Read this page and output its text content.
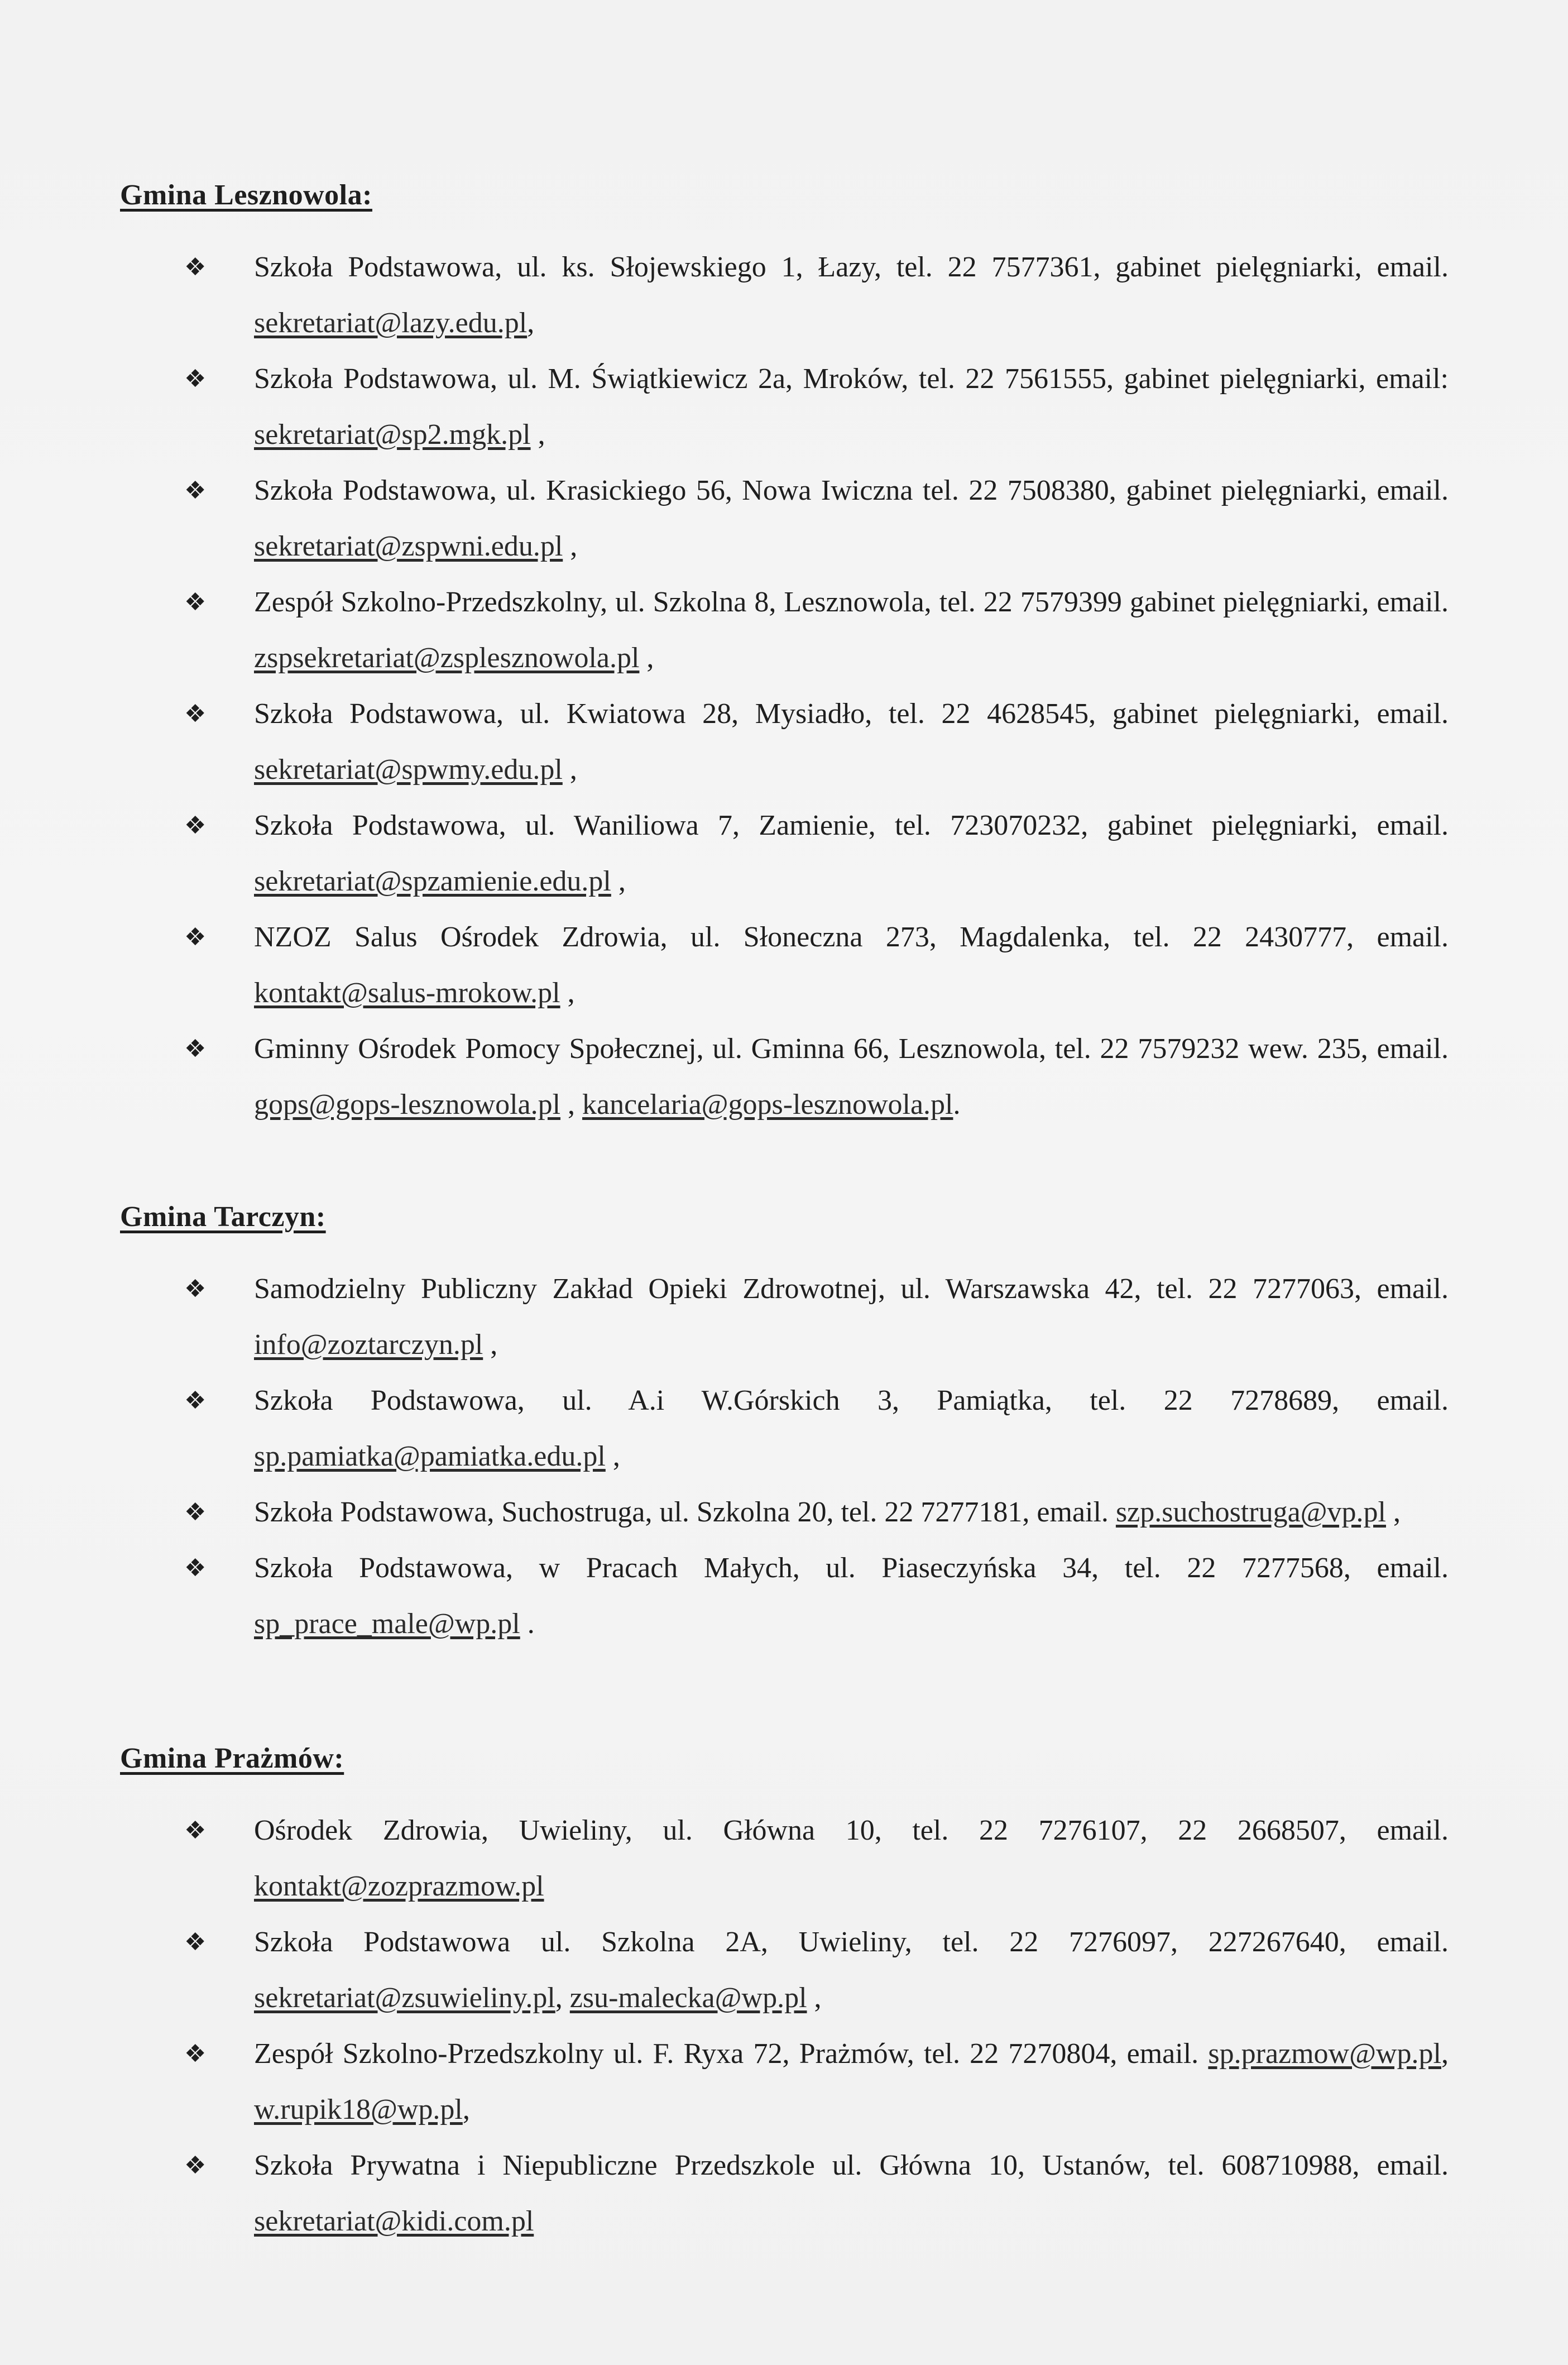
Gmina Lesznowola:
❖ Szkoła Podstawowa, ul. ks. Słojewskiego 1, Łazy, tel. 22 7577361, gabinet pielęgniarki, email. sekretariat@lazy.edu.pl,
❖ Szkoła Podstawowa, ul. M. Świątkiewicz 2a, Mroków, tel. 22 7561555, gabinet pielęgniarki, email: sekretariat@sp2.mgk.pl ,
❖ Szkoła Podstawowa, ul. Krasickiego 56, Nowa Iwiczna tel. 22 7508380, gabinet pielęgniarki, email. sekretariat@zspwni.edu.pl ,
❖ Zespół Szkolno-Przedszkolny, ul. Szkolna 8, Lesznowola, tel. 22 7579399 gabinet pielęgniarki, email. zspsekretariat@zsplesznowola.pl ,
❖ Szkoła Podstawowa, ul. Kwiatowa 28, Mysiadło, tel. 22 4628545, gabinet pielęgniarki, email. sekretariat@spwmy.edu.pl ,
❖ Szkoła Podstawowa, ul. Waniliowa 7, Zamienie, tel. 723070232, gabinet pielęgniarki, email. sekretariat@spzamienie.edu.pl ,
❖ NZOZ Salus Ośrodek Zdrowia, ul. Słoneczna 273, Magdalenka, tel. 22 2430777, email. kontakt@salus-mrokow.pl ,
❖ Gminny Ośrodek Pomocy Społecznej, ul. Gminna 66, Lesznowola, tel. 22 7579232 wew. 235, email. gops@gops-lesznowola.pl , kancelaria@gops-lesznowola.pl.
Gmina Tarczyn:
❖ Samodzielny Publiczny Zakład Opieki Zdrowotnej, ul. Warszawska 42, tel. 22 7277063, email. info@zoztarczyn.pl ,
❖ Szkoła Podstawowa, ul. A.i W.Górskich 3, Pamiątka, tel. 22 7278689, email. sp.pamiatka@pamiatka.edu.pl ,
❖ Szkoła Podstawowa, Suchostruga, ul. Szkolna 20, tel. 22 7277181, email. szp.suchostruga@vp.pl ,
❖ Szkoła Podstawowa, w Pracach Małych, ul. Piaseczyńska 34, tel. 22 7277568, email. sp_prace_male@wp.pl .
Gmina Prażmów:
❖ Ośrodek Zdrowia, Uwieliny, ul. Główna 10, tel. 22 7276107, 22 2668507, email. kontakt@zozprazmow.pl
❖ Szkoła Podstawowa ul. Szkolna 2A, Uwieliny, tel. 22 7276097, 227267640, email. sekretariat@zsuwieliny.pl, zsu-malecka@wp.pl ,
❖ Zespół Szkolno-Przedszkolny ul. F. Ryxa 72, Prażmów, tel. 22 7270804, email. sp.prazmow@wp.pl, w.rupik18@wp.pl,
❖ Szkoła Prywatna i Niepubliczne Przedszkole ul. Główna 10, Ustanów, tel. 608710988, email. sekretariat@kidi.com.pl
